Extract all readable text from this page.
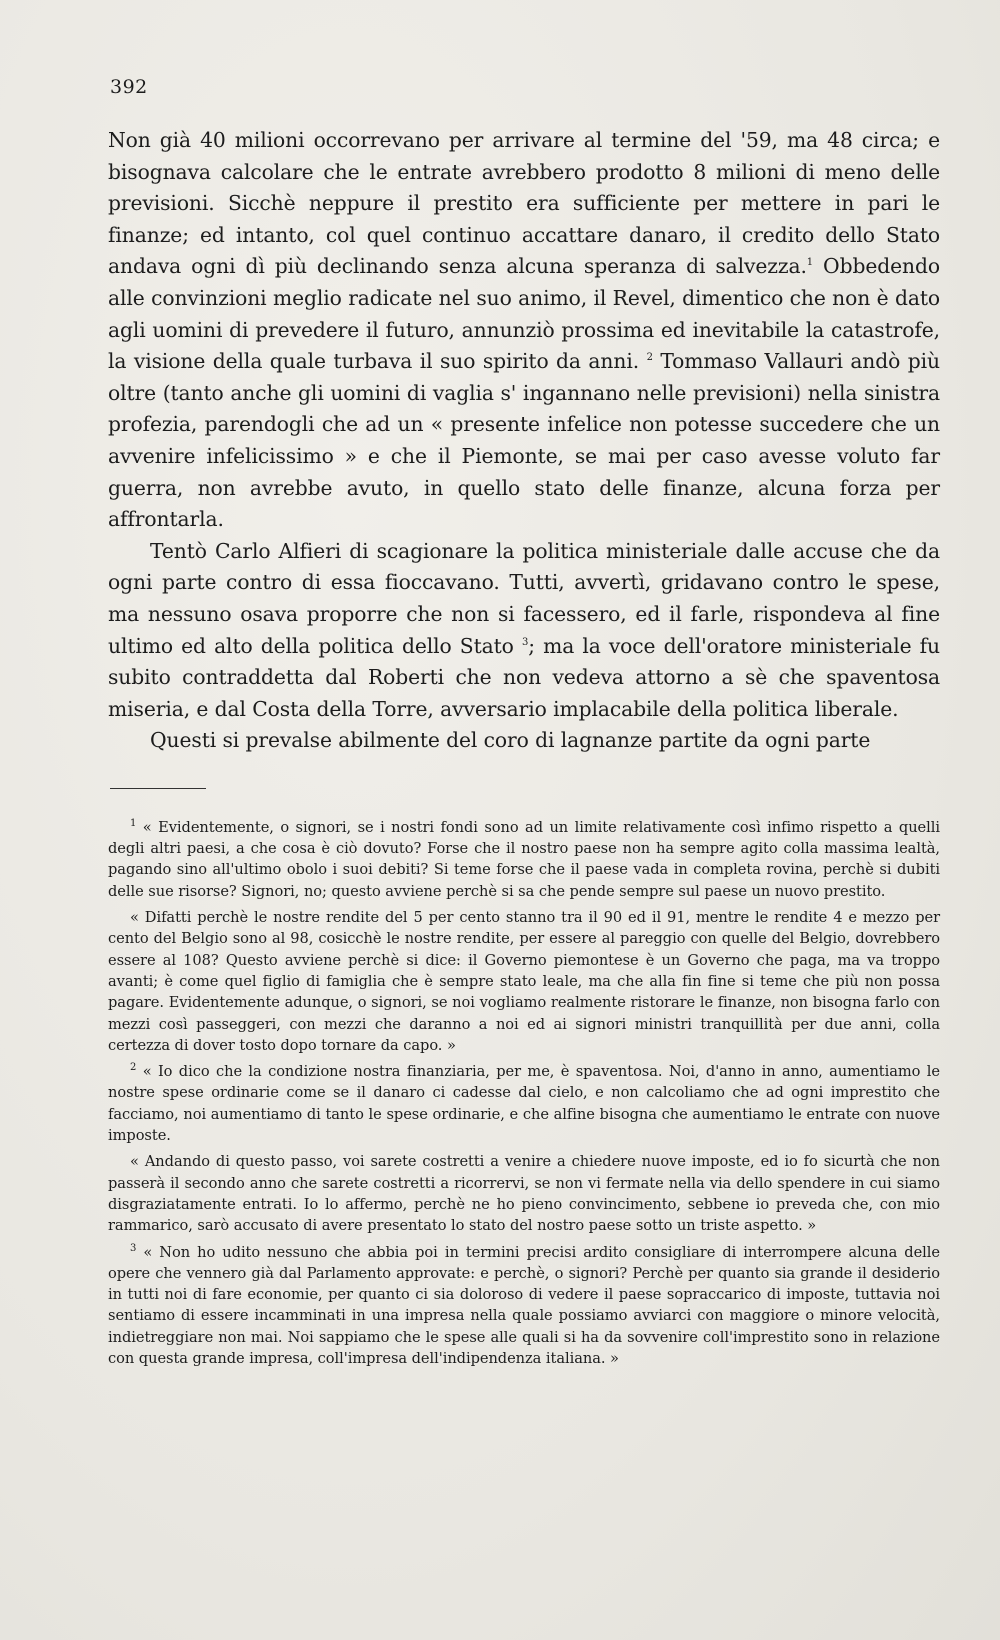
392

Non già 40 milioni occorrevano per arrivare al termine del '59, ma 48 circa; e bisognava calcolare che le entrate avrebbero prodotto 8 milioni di meno delle previsioni. Sicchè neppure il prestito era sufficiente per mettere in pari le finanze; ed intanto, col quel continuo accattare danaro, il credito dello Stato andava ogni dì più declinando senza alcuna speranza di salvezza.$^1$ Obbedendo alle convinzioni meglio radicate nel suo animo, il Revel, dimentico che non è dato agli uomini di prevedere il futuro, annunziò prossima ed inevitabile la catastrofe, la visione della quale turbava il suo spirito da anni. $^2$ Tommaso Vallauri andò più oltre (tanto anche gli uomini di vaglia s' ingannano nelle previsioni) nella sinistra profezia, parendogli che ad un « presente infelice non potesse succedere che un avvenire infelicissimo » e che il Piemonte, se mai per caso avesse voluto far guerra, non avrebbe avuto, in quello stato delle finanze, alcuna forza per affrontarla.

Tentò Carlo Alfieri di scagionare la politica ministeriale dalle accuse che da ogni parte contro di essa fioccavano. Tutti, avvertì, gridavano contro le spese, ma nessuno osava proporre che non si facessero, ed il farle, rispondeva al fine ultimo ed alto della politica dello Stato $^3$; ma la voce dell'oratore ministeriale fu subito contraddetta dal Roberti che non vedeva attorno a sè che spaventosa miseria, e dal Costa della Torre, avversario implacabile della politica liberale.

Questi si prevalse abilmente del coro di lagnanze partite da ogni parte

$^1$ « Evidentemente, o signori, se i nostri fondi sono ad un limite relativamente così infimo rispetto a quelli degli altri paesi, a che cosa è ciò dovuto? Forse che il nostro paese non ha sempre agito colla massima lealtà, pagando sino all'ultimo obolo i suoi debiti? Si teme forse che il paese vada in completa rovina, perchè si dubiti delle sue risorse? Signori, no; questo avviene perchè si sa che pende sempre sul paese un nuovo prestito.

« Difatti perchè le nostre rendite del 5 per cento stanno tra il 90 ed il 91, mentre le rendite 4 e mezzo per cento del Belgio sono al 98, cosicchè le nostre rendite, per essere al pareggio con quelle del Belgio, dovrebbero essere al 108? Questo avviene perchè si dice: il Governo piemontese è un Governo che paga, ma va troppo avanti; è come quel figlio di famiglia che è sempre stato leale, ma che alla fin fine si teme che più non possa pagare. Evidentemente adunque, o signori, se noi vogliamo realmente ristorare le finanze, non bisogna farlo con mezzi così passeggeri, con mezzi che daranno a noi ed ai signori ministri tranquillità per due anni, colla certezza di dover tosto dopo tornare da capo. »

$^2$ « Io dico che la condizione nostra finanziaria, per me, è spaventosa. Noi, d'anno in anno, aumentiamo le nostre spese ordinarie come se il danaro ci cadesse dal cielo, e non calcoliamo che ad ogni imprestito che facciamo, noi aumentiamo di tanto le spese ordinarie, e che alfine bisogna che aumentiamo le entrate con nuove imposte.

« Andando di questo passo, voi sarete costretti a venire a chiedere nuove imposte, ed io fo sicurtà che non passerà il secondo anno che sarete costretti a ricorrervi, se non vi fermate nella via dello spendere in cui siamo disgraziatamente entrati. Io lo affermo, perchè ne ho pieno convincimento, sebbene io preveda che, con mio rammarico, sarò accusato di avere presentato lo stato del nostro paese sotto un triste aspetto. »

$^3$ « Non ho udito nessuno che abbia poi in termini precisi ardito consigliare di interrompere alcuna delle opere che vennero già dal Parlamento approvate: e perchè, o signori? Perchè per quanto sia grande il desiderio in tutti noi di fare economie, per quanto ci sia doloroso di vedere il paese sopraccarico di imposte, tuttavia noi sentiamo di essere incamminati in una impresa nella quale possiamo avviarci con maggiore o minore velocità, indietreggiare non mai. Noi sappiamo che le spese alle quali si ha da sovvenire coll'imprestito sono in relazione con questa grande impresa, coll'impresa dell'indipendenza italiana. »
